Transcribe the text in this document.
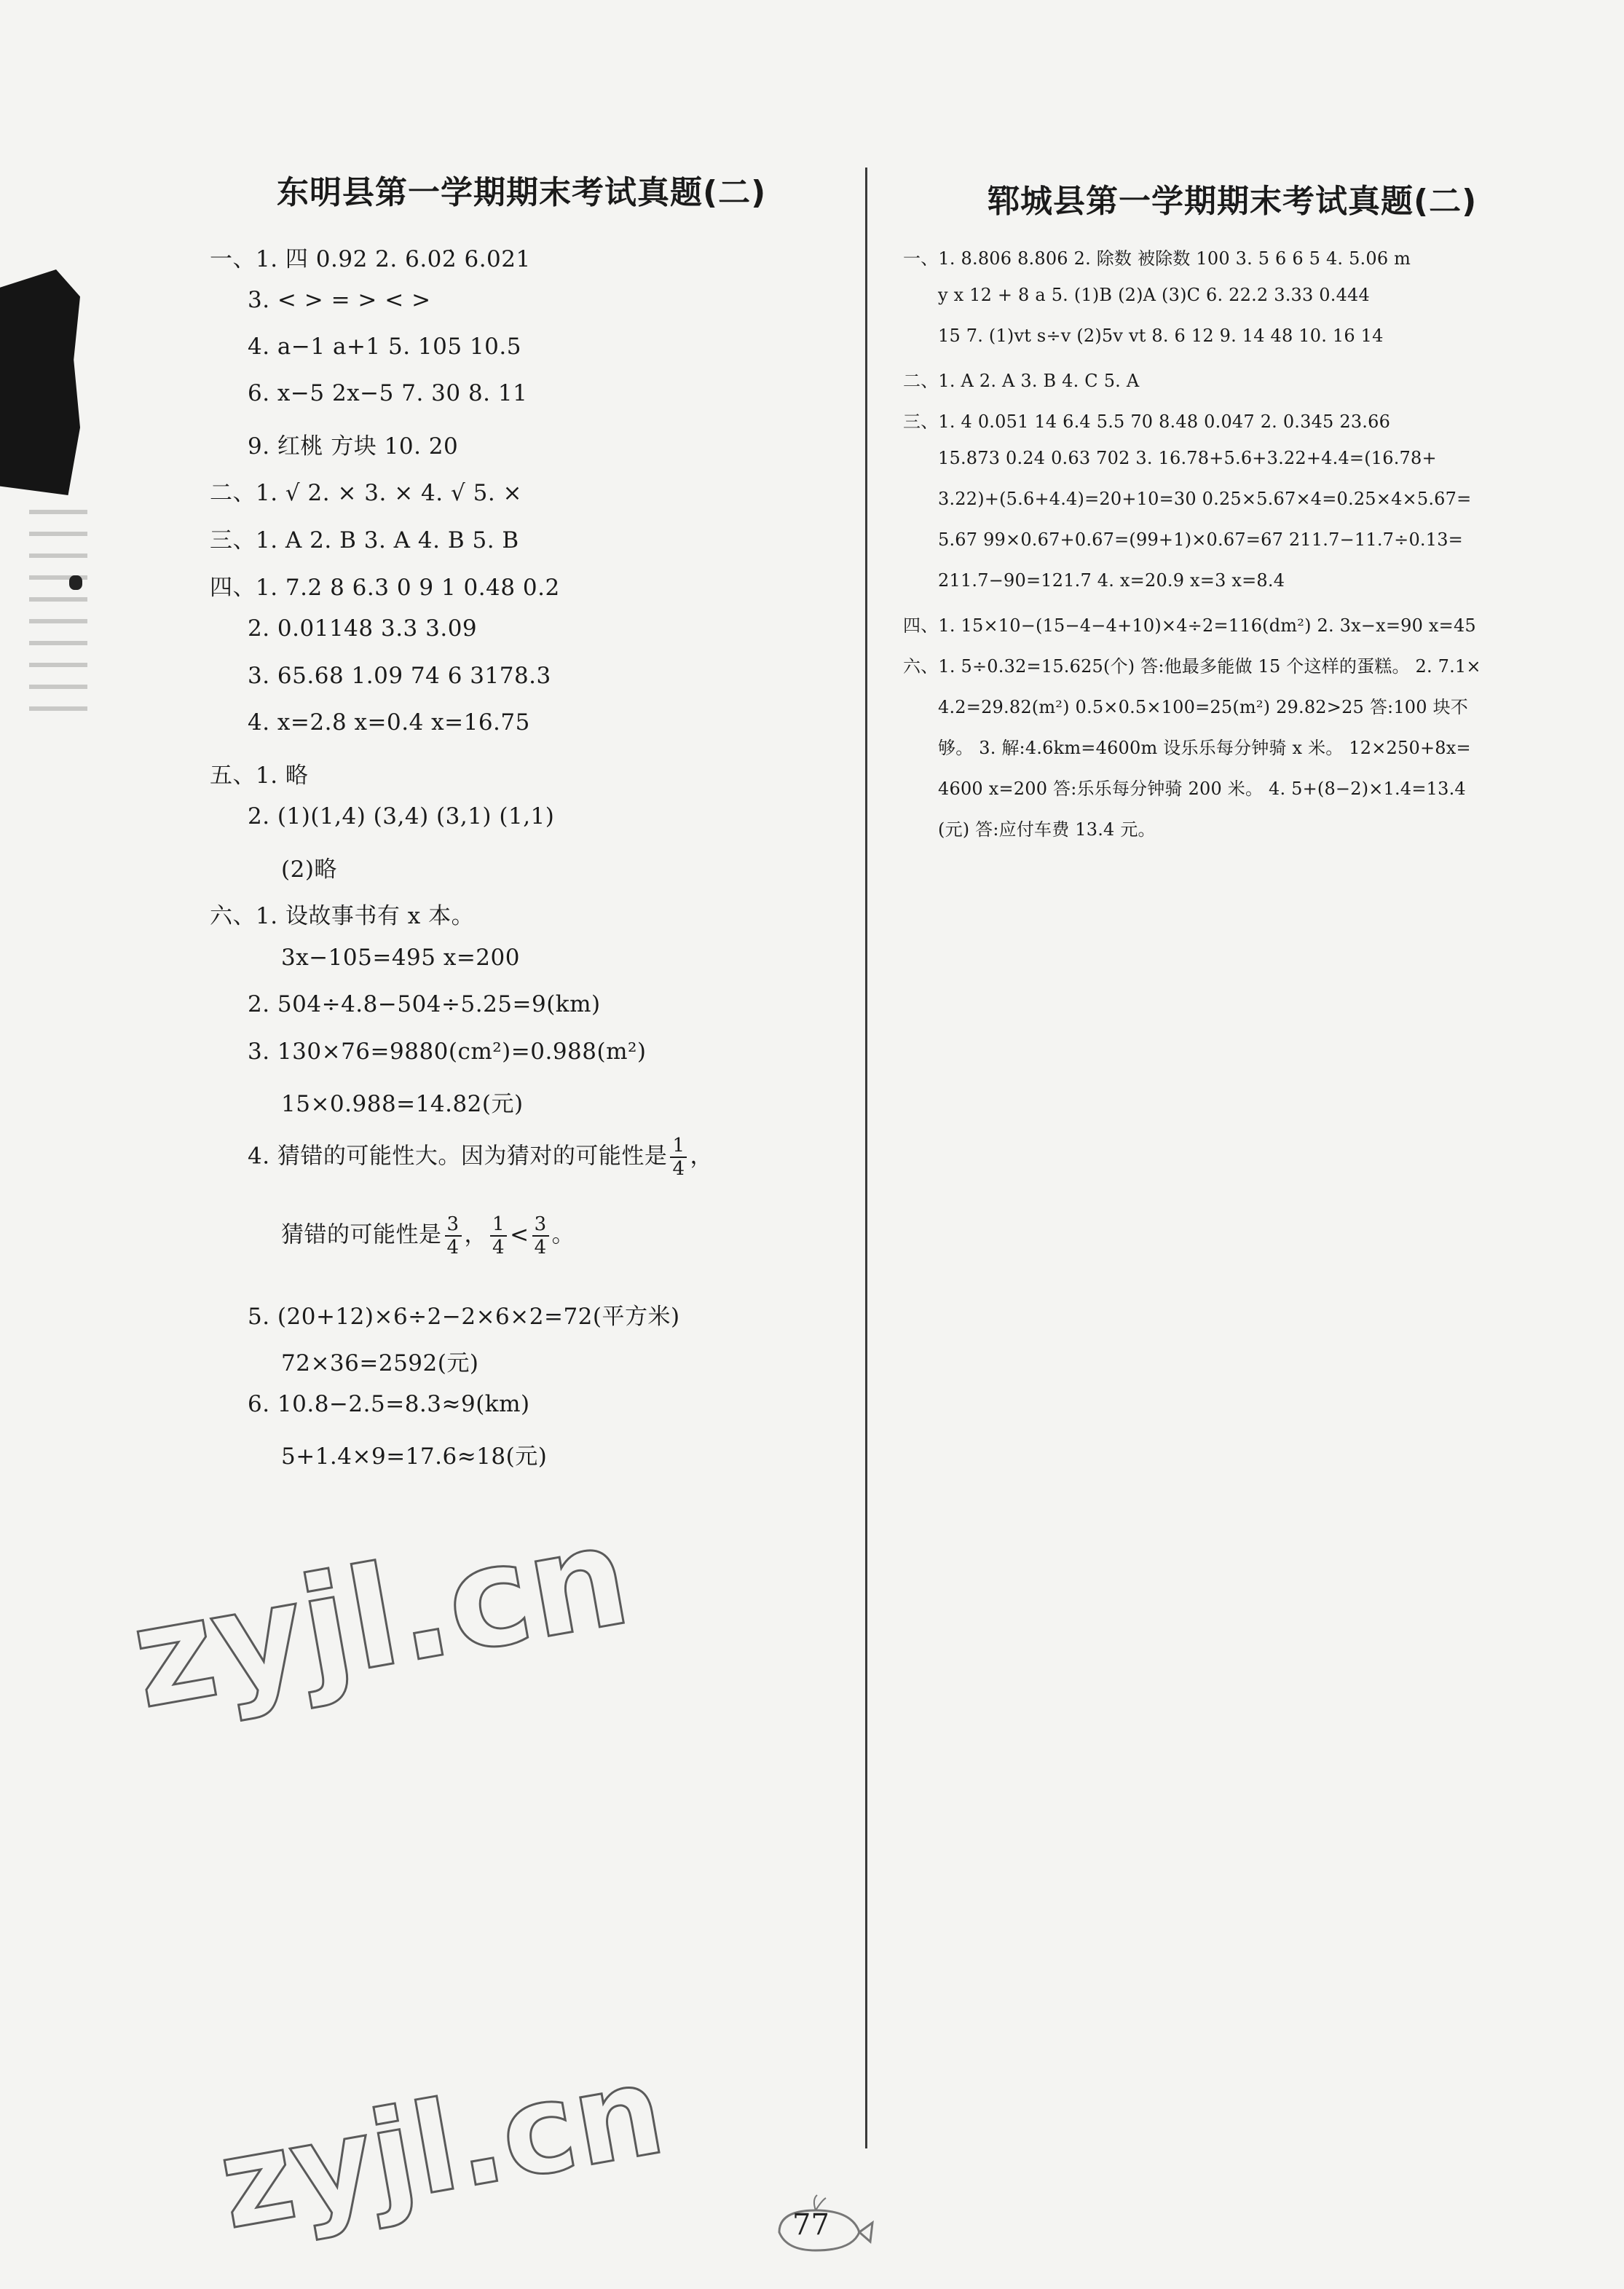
东明县第一学期期末考试真题(二)	郓城县第一学期期末考试真题(二)
一、1. 四 0.92 2. 6.02̇ 6.021
3. < > = > < >
4. a−1 a+1 5. 105 10.5
6. x−5 2x−5 7. 30 8. 11
9. 红桃 方块 10. 20
二、1. √ 2. × 3. × 4. √ 5. ×
三、1. A 2. B 3. A 4. B 5. B
四、1. 7.2 8 6.3 0 9 1 0.48 0.2
2. 0.01148 3.3 3.09
3. 65.68 1.09 74 6 3178.3
4. x=2.8 x=0.4 x=16.75
五、1. 略
2. (1)(1,4) (3,4) (3,1) (1,1)
(2)略
六、1. 设故事书有 x 本。
3x−105=495 x=200
2. 504÷4.8−504÷5.25=9(km)
3. 130×76=9880(cm²)=0.988(m²)
15×0.988=14.82(元)
4. 猜错的可能性大。因为猜对的可能性是 $\frac{1}{4}$ ，
猜错的可能性是 $\frac{3}{4}$ ， $\frac{1}{4} < \frac{3}{4}$ 。
5. (20+12)×6÷2−2×6×2=72(平方米)
72×36=2592(元)
6. 10.8−2.5=8.3≈9(km)
5+1.4×9=17.6≈18(元)
一、1. 8.806 8.806 2. 除数 被除数 100 3. 5 6 6 5 4. 5.06 m
y x 12 + 8 a 5. (1)B (2)A (3)C 6. 22.2 3.33 0.444
15 7. (1)vt s÷v (2)5v vt 8. 6 12 9. 14 48 10. 16 14
二、1. A 2. A 3. B 4. C 5. A
三、1. 4 0.051 14 6.4 5.5 70 8.48 0.047 2. 0.345 23.66
15.873 0.24 0.63 702 3. 16.78+5.6+3.22+4.4=(16.78+
3.22)+(5.6+4.4)=20+10=30 0.25×5.67×4=0.25×4×5.67=
5.67 99×0.67+0.67=(99+1)×0.67=67 211.7−11.7÷0.13=
211.7−90=121.7 4. x=20.9 x=3 x=8.4
四、1. 15×10−(15−4−4+10)×4÷2=116(dm²) 2. 3x−x=90 x=45
六、1. 5÷0.32=15.625(个) 答:他最多能做 15 个这样的蛋糕。 2. 7.1×
4.2=29.82(m²) 0.5×0.5×100=25(m²) 29.82>25 答:100 块不
够。 3. 解:4.6km=4600m 设乐乐每分钟骑 x 米。 12×250+8x=
4600 x=200 答:乐乐每分钟骑 200 米。 4. 5+(8−2)×1.4=13.4
(元) 答:应付车费 13.4 元。
zyjl.cn
zyjl.cn	77
